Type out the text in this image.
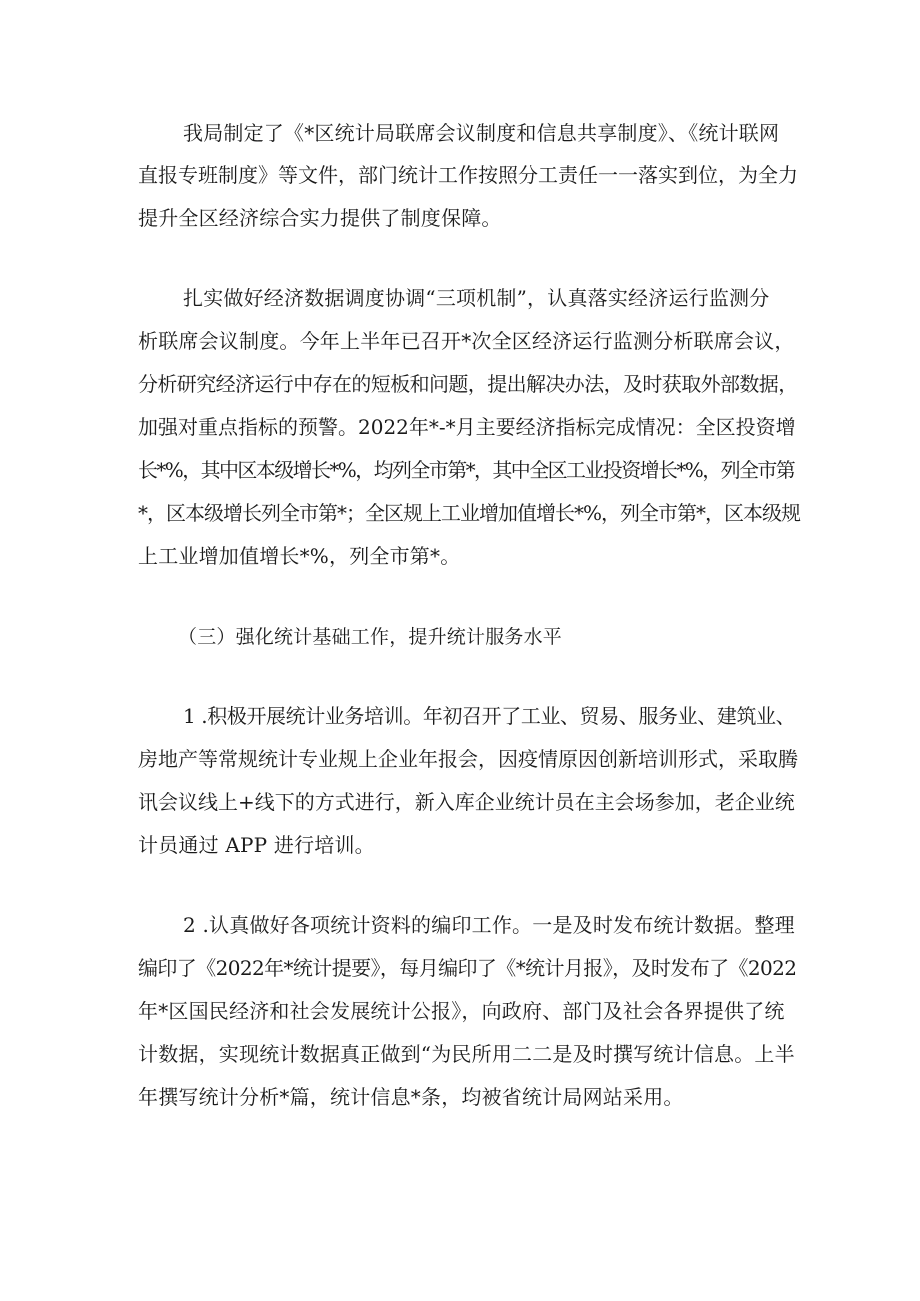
我局制定了《*区统计局联席会议制度和信息共享制度》、《统计联网

直报专班制度》等文件，部门统计工作按照分工责任一一落实到位，为全力

提升全区经济综合实力提供了制度保障。

扎实做好经济数据调度协调“三项机制”，认真落实经济运行监测分

析联席会议制度。今年上半年已召开*次全区经济运行监测分析联席会议，

分析研究经济运行中存在的短板和问题，提出解决办法，及时获取外部数据，

加强对重点指标的预警。2022年*-*月主要经济指标完成情况：全区投资增

长*%，其中区本级增长*%，均列全市第*，其中全区工业投资增长*%，列全市第

*，区本级增长列全市第*；全区规上工业增加值增长*%，列全市第*，区本级规

上工业增加值增长*%，列全市第*。

（三）强化统计基础工作，提升统计服务水平

1 .积极开展统计业务培训。年初召开了工业、贸易、服务业、建筑业、

房地产等常规统计专业规上企业年报会，因疫情原因创新培训形式，采取腾

讯会议线上+线下的方式进行，新入库企业统计员在主会场参加，老企业统

计员通过 APP 进行培训。

2 .认真做好各项统计资料的编印工作。一是及时发布统计数据。整理

编印了《2022年*统计提要》，每月编印了《*统计月报》，及时发布了《2022

年*区国民经济和社会发展统计公报》，向政府、部门及社会各界提供了统

计数据，实现统计数据真正做到“为民所用二二是及时撰写统计信息。上半

年撰写统计分析*篇，统计信息*条，均被省统计局网站采用。
